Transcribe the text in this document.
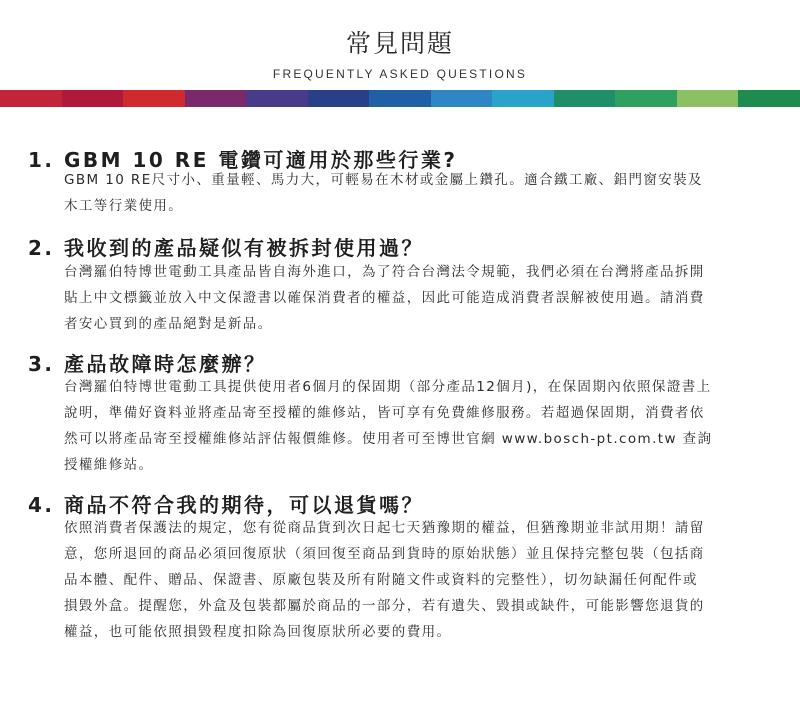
常見問題
FREQUENTLY ASKED QUESTIONS
1. GBM 10 RE 電鑽可適用於那些行業?
GBM 10 RE尺寸小、重量輕、馬力大，可輕易在木材或金屬上鑽孔。適合鐵工廠、鋁門窗安裝及
木工等行業使用。
2. 我收到的產品疑似有被拆封使用過？
台灣羅伯特博世電動工具產品皆自海外進口，為了符合台灣法令規範，我們必須在台灣將產品拆開
貼上中文標籤並放入中文保證書以確保消費者的權益，因此可能造成消費者誤解被使用過。請消費
者安心買到的產品絕對是新品。
3. 產品故障時怎麼辦？
台灣羅伯特博世電動工具提供使用者6個月的保固期（部分產品12個月)，在保固期內依照保證書上
說明，準備好資料並將產品寄至授權的維修站，皆可享有免費維修服務。若超過保固期，消費者依
然可以將產品寄至授權維修站評估報價維修。使用者可至博世官網 www.bosch-pt.com.tw 查詢
授權維修站。
4. 商品不符合我的期待，可以退貨嗎？
依照消費者保護法的規定，您有從商品貨到次日起七天猶豫期的權益，但猶豫期並非試用期！請留
意，您所退回的商品必須回復原狀（須回復至商品到貨時的原始狀態）並且保持完整包裝（包括商
品本體、配件、贈品、保證書、原廠包裝及所有附隨文件或資料的完整性），切勿缺漏任何配件或
損毀外盒。提醒您，外盒及包裝都屬於商品的一部分，若有遺失、毀損或缺件，可能影響您退貨的
權益，也可能依照損毀程度扣除為回復原狀所必要的費用。
